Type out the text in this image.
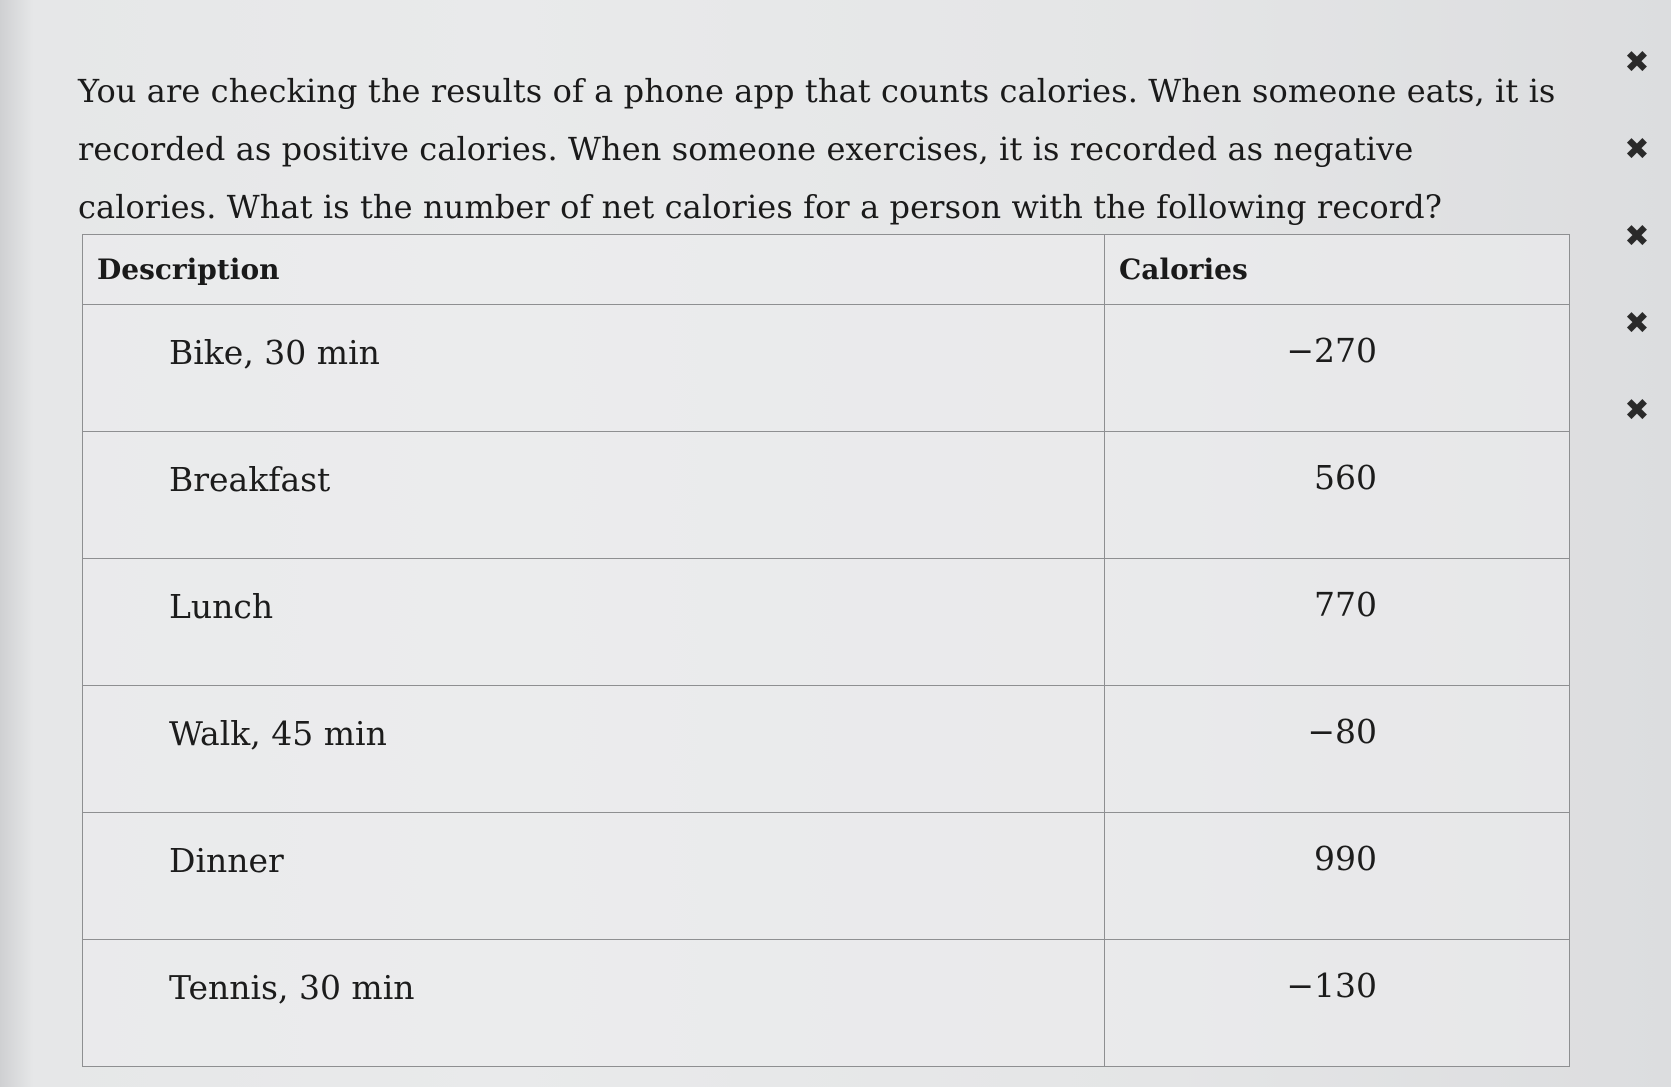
You are checking the results of a phone app that counts calories. When someone eats, it is recorded as positive calories. When someone exercises, it is recorded as negative calories. What is the number of net calories for a person with the following record?

✖
✖
✖
✖
✖
Description	Calories
Bike, 30 min	−270
Breakfast	560
Lunch	770
Walk, 45 min	−80
Dinner	990
Tennis, 30 min	−130
